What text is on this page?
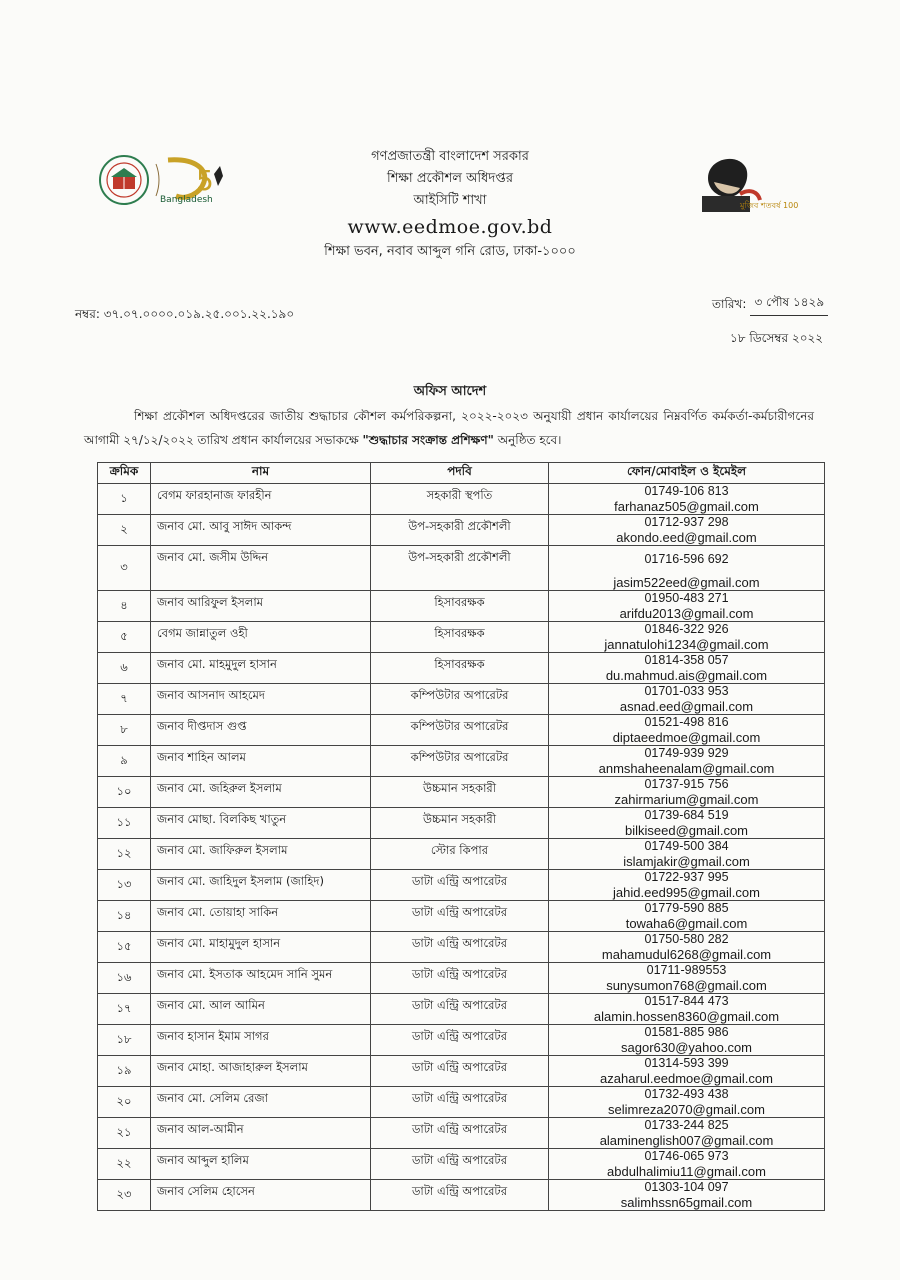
5
Bangladesh
মুজিব শতবর্ষ 100
গণপ্রজাতন্ত্রী বাংলাদেশ সরকার
শিক্ষা প্রকৌশল অধিদপ্তর
আইসিটি শাখা
www.eedmoe.gov.bd
শিক্ষা ভবন, নবাব আব্দুল গনি রোড, ঢাকা-১০০০
নম্বর: ৩৭.০৭.০০০০.০১৯.২৫.০০১.২২.১৯০
তারিখ: ৩ পৌষ ১৪২৯
১৮ ডিসেম্বর ২০২২
অফিস আদেশ
শিক্ষা প্রকৌশল অধিদপ্তরের জাতীয় শুদ্ধাচার কৌশল কর্মপরিকল্পনা, ২০২২-২০২৩ অনুযায়ী প্রধান কার্যালয়ের নিম্নবর্ণিত কর্মকর্তা-কর্মচারীগনের আগামী ২৭/১২/২০২২ তারিখ প্রধান কার্যালয়ের সভাকক্ষে "শুদ্ধাচার সংক্রান্ত প্রশিক্ষণ" অনুষ্ঠিত হবে।
ক্রমিক	নাম	পদবি	ফোন/মোবাইল ও ইমেইল
১	বেগম ফারহানাজ ফারহীন	সহকারী স্থপতি	01749-106 813
farhanaz505@gmail.com

২	জনাব মো. আবু সাঈদ আকন্দ	উপ-সহকারী প্রকৌশলী	01712-937 298
akondo.eed@gmail.com

৩	জনাব মো. জসীম উদ্দিন	উপ-সহকারী প্রকৌশলী	01716-596 692
jasim522eed@gmail.com

৪	জনাব আরিফুল ইসলাম	হিসাবরক্ষক	01950-483 271
arifdu2013@gmail.com

৫	বেগম জান্নাতুল ওহী	হিসাবরক্ষক	01846-322 926
jannatulohi1234@gmail.com

৬	জনাব মো. মাহমুদুল হাসান	হিসাবরক্ষক	01814-358 057
du.mahmud.ais@gmail.com

৭	জনাব আসনাদ আহমেদ	কম্পিউটার অপারেটর	01701-033 953
asnad.eed@gmail.com

৮	জনাব দীপ্তদাস গুপ্ত	কম্পিউটার অপারেটর	01521-498 816
diptaeedmoe@gmail.com

৯	জনাব শাহিন আলম	কম্পিউটার অপারেটর	01749-939 929
anmshaheenalam@gmail.com

১০	জনাব মো. জহিরুল ইসলাম	উচ্চমান সহকারী	01737-915 756
zahirmarium@gmail.com

১১	জনাব মোছা. বিলকিছ খাতুন	উচ্চমান সহকারী	01739-684 519
bilkiseed@gmail.com

১২	জনাব মো. জাফিরুল ইসলাম	স্টোর কিপার	01749-500 384
islamjakir@gmail.com

১৩	জনাব মো. জাহিদুল ইসলাম (জাহিদ)	ডাটা এন্ট্রি অপারেটর	01722-937 995
jahid.eed995@gmail.com

১৪	জনাব মো. তোয়াহা সাকিন	ডাটা এন্ট্রি অপারেটর	01779-590 885
towaha6@gmail.com

১৫	জনাব মো. মাহামুদুল হাসান	ডাটা এন্ট্রি অপারেটর	01750-580 282
mahamudul6268@gmail.com

১৬	জনাব মো. ইসতাক আহমেদ সানি সুমন	ডাটা এন্ট্রি অপারেটর	01711-989553
sunysumon768@gmail.com

১৭	জনাব মো. আল আমিন	ডাটা এন্ট্রি অপারেটর	01517-844 473
alamin.hossen8360@gmail.com

১৮	জনাব হাসান ইমাম সাগর	ডাটা এন্ট্রি অপারেটর	01581-885 986
sagor630@yahoo.com

১৯	জনাব মোহা. আজাহারুল ইসলাম	ডাটা এন্ট্রি অপারেটর	01314-593 399
azaharul.eedmoe@gmail.com

২০	জনাব মো. সেলিম রেজা	ডাটা এন্ট্রি অপারেটর	01732-493 438
selimreza2070@gmail.com

২১	জনাব আল-আমীন	ডাটা এন্ট্রি অপারেটর	01733-244 825
alaminenglish007@gmail.com

২২	জনাব আব্দুল হালিম	ডাটা এন্ট্রি অপারেটর	01746-065 973
abdulhalimiu11@gmail.com

২৩	জনাব সেলিম হোসেন	ডাটা এন্ট্রি অপারেটর	01303-104 097
salimhssn65gmail.com
